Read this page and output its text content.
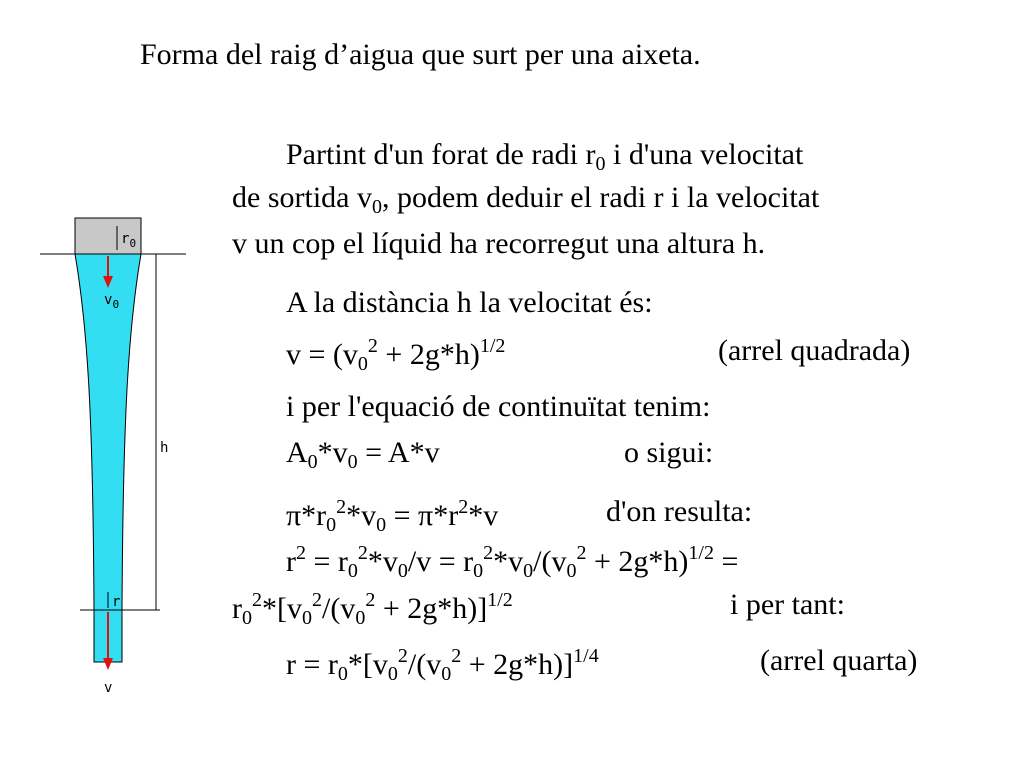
Forma del raig d’aigua que surt per una aixeta.
$r_0$
$v_0$
h
r
v
Partint d'un forat de radi $r_0$ i d'una velocitat
de sortida $v_0$, podem deduir el radi r i la velocitat
v un cop el líquid ha recorregut una altura h.
A la distància h la velocitat és:
$v = (v_0^2 + 2g*h)^{1/2}$	(arrel quadrada)
i per l'equació de continuïtat tenim:
$A_0*v_0 = A*v$	o sigui:
$\pi*r_0^2*v_0 = \pi*r^2*v$	d'on resulta:
$r^2 = r_0^2*v_0/v = r_0^2*v_0/(v_0^2 + 2g*h)^{1/2}$ =
$r_0^2*[v_0^2/(v_0^2 + 2g*h)]^{1/2}$	i per tant:
$r = r_0*[v_0^2/(v_0^2 + 2g*h)]^{1/4}$	(arrel quarta)
